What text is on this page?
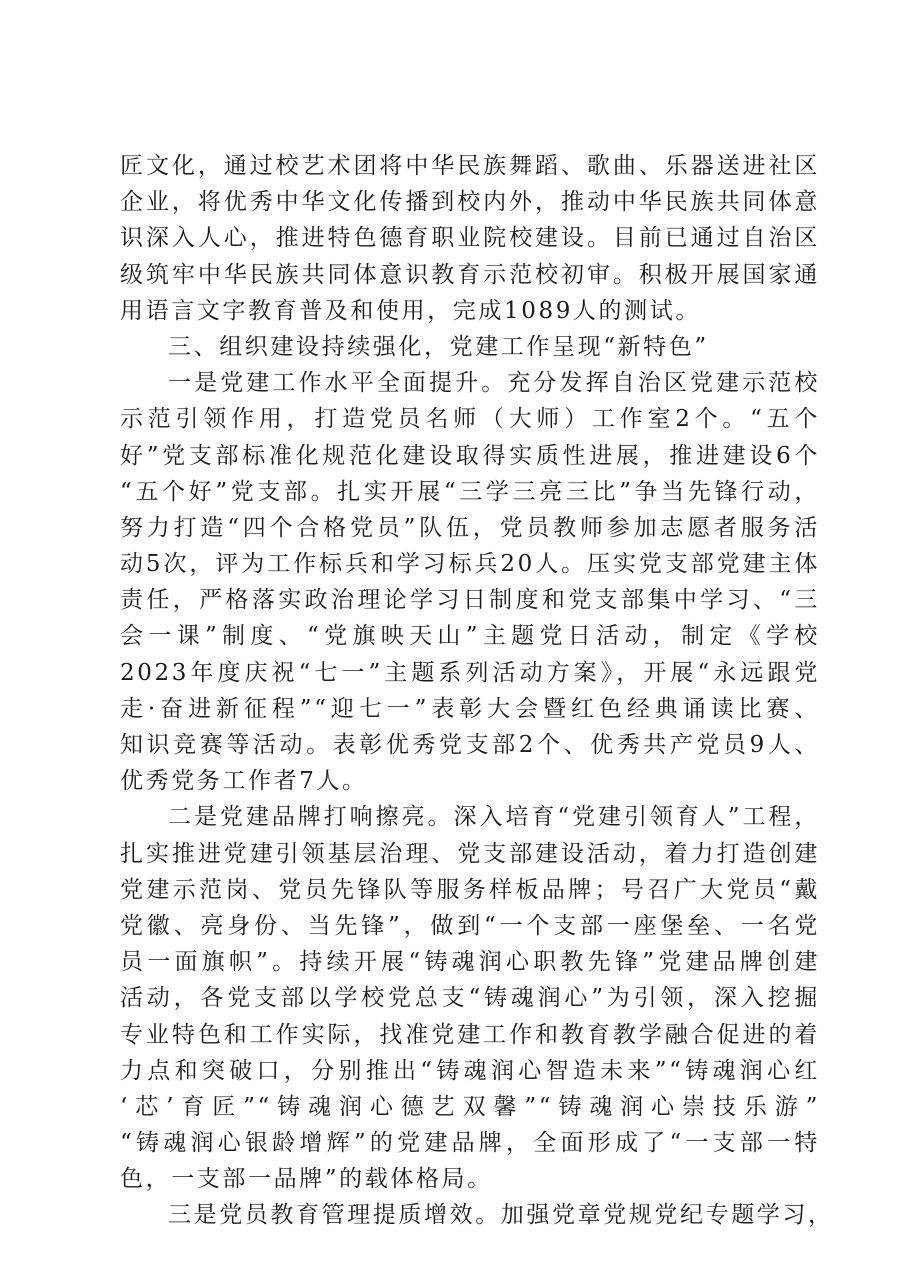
匠文化，通过校艺术团将中华民族舞蹈、歌曲、乐器送进社区
企业，将优秀中华文化传播到校内外，推动中华民族共同体意
识深入人心，推进特色德育职业院校建设。目前已通过自治区
级筑牢中华民族共同体意识教育示范校初审。积极开展国家通
用语言文字教育普及和使用，完成1089人的测试。
三、组织建设持续强化，党建工作呈现“新特色”
一是党建工作水平全面提升。充分发挥自治区党建示范校
示范引领作用，打造党员名师（大师）工作室2个。“五个
好”党支部标准化规范化建设取得实质性进展，推进建设6个
“五个好”党支部。扎实开展“三学三亮三比”争当先锋行动，
努力打造“四个合格党员”队伍，党员教师参加志愿者服务活
动5次，评为工作标兵和学习标兵20人。压实党支部党建主体
责任，严格落实政治理论学习日制度和党支部集中学习、“三
会一课”制度、“党旗映天山”主题党日活动，制定《学校
2023年度庆祝“七一”主题系列活动方案》，开展“永远跟党
走·奋进新征程”“迎七一”表彰大会暨红色经典诵读比赛、
知识竞赛等活动。表彰优秀党支部2个、优秀共产党员9人、
优秀党务工作者7人。
二是党建品牌打响擦亮。深入培育“党建引领育人”工程，
扎实推进党建引领基层治理、党支部建设活动，着力打造创建
党建示范岗、党员先锋队等服务样板品牌；号召广大党员“戴
党徽、亮身份、当先锋”，做到“一个支部一座堡垒、一名党
员一面旗帜”。持续开展“铸魂润心职教先锋”党建品牌创建
活动，各党支部以学校党总支“铸魂润心”为引领，深入挖掘
专业特色和工作实际，找准党建工作和教育教学融合促进的着
力点和突破口，分别推出“铸魂润心智造未来”“铸魂润心红
‘芯’育匠”“铸魂润心德艺双馨”“铸魂润心崇技乐游”
“铸魂润心银龄增辉”的党建品牌，全面形成了“一支部一特
色，一支部一品牌”的载体格局。
三是党员教育管理提质增效。加强党章党规党纪专题学习，
